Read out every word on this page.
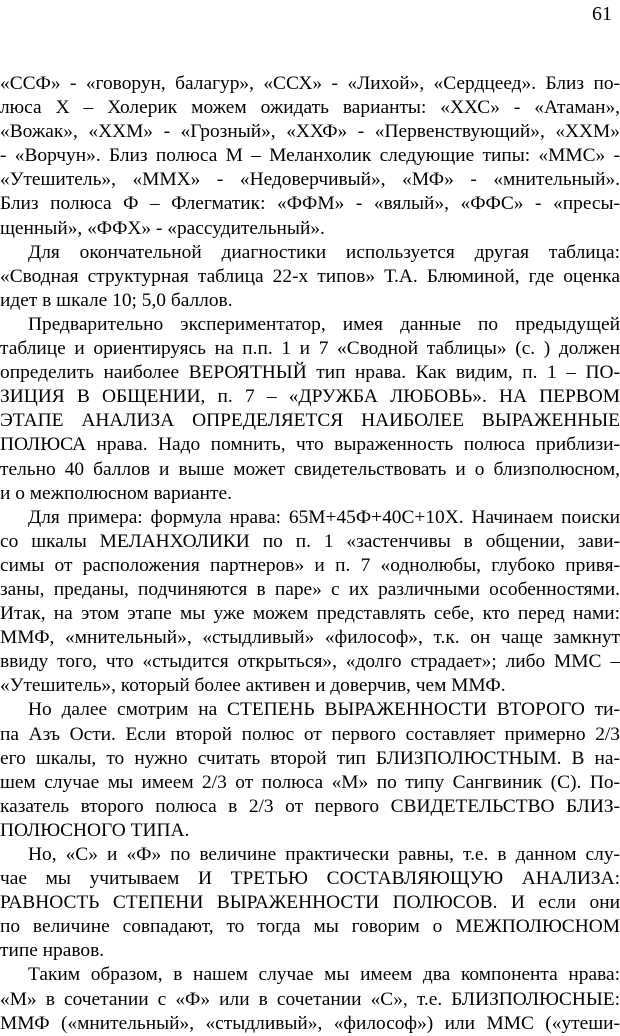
61
«ССФ» - «говорун, балагур», «ССХ» - «Лихой», «Сердцеед». Близ по-
люса Х – Холерик можем ожидать варианты: «ХХС» - «Атаман»,
«Вожак», «ХХМ» - «Грозный», «ХХФ» - «Первенствующий», «ХХМ»
- «Ворчун». Близ полюса М – Меланхолик следующие типы: «ММС» -
«Утешитель», «ММХ» - «Недоверчивый», «МФ» - «мнительный».
Близ полюса Ф – Флегматик: «ФФМ» - «вялый», «ФФС» - «пресы-
щенный», «ФФХ» - «рассудительный».
Для окончательной диагностики используется другая таблица:
«Сводная структурная таблица 22-х типов» Т.А. Блюминой, где оценка
идет в шкале 10; 5,0 баллов.
Предварительно экспериментатор, имея данные по предыдущей
таблице и ориентируясь на п.п. 1 и 7 «Сводной таблицы» (с. ) должен
определить наиболее ВЕРОЯТНЫЙ тип нрава. Как видим, п. 1 – ПО-
ЗИЦИЯ В ОБЩЕНИИ, п. 7 – «ДРУЖБА ЛЮБОВЬ». НА ПЕРВОМ
ЭТАПЕ АНАЛИЗА ОПРЕДЕЛЯЕТСЯ НАИБОЛЕЕ ВЫРАЖЕННЫЕ
ПОЛЮСА нрава. Надо помнить, что выраженность полюса приблизи-
тельно 40 баллов и выше может свидетельствовать и о близполюсном,
и о межполюсном варианте.
Для примера: формула нрава: 65М+45Ф+40С+10Х. Начинаем поиски
со шкалы МЕЛАНХОЛИКИ по п. 1 «застенчивы в общении, зави-
симы от расположения партнеров» и п. 7 «однолюбы, глубоко привя-
заны, преданы, подчиняются в паре» с их различными особенностями.
Итак, на этом этапе мы уже можем представлять себе, кто перед нами:
ММФ, «мнительный», «стыдливый» «философ», т.к. он чаще замкнут
ввиду того, что «стыдится открыться», «долго страдает»; либо ММС –
«Утешитель», который более активен и доверчив, чем ММФ.
Но далее смотрим на СТЕПЕНЬ ВЫРАЖЕННОСТИ ВТОРОГО ти-
па Азъ Ости. Если второй полюс от первого составляет примерно 2/3
его шкалы, то нужно считать второй тип БЛИЗПОЛЮСТНЫМ. В на-
шем случае мы имеем 2/3 от полюса «М» по типу Сангвиник (С). По-
казатель второго полюса в 2/3 от первого СВИДЕТЕЛЬСТВО БЛИЗ-
ПОЛЮСНОГО ТИПА.
Но, «С» и «Ф» по величине практически равны, т.е. в данном слу-
чае мы учитываем И ТРЕТЬЮ СОСТАВЛЯЮЩУЮ АНАЛИЗА:
РАВНОСТЬ СТЕПЕНИ ВЫРАЖЕННОСТИ ПОЛЮСОВ. И если они
по величине совпадают, то тогда мы говорим о МЕЖПОЛЮСНОМ
типе нравов.
Таким образом, в нашем случае мы имеем два компонента нрава:
«М» в сочетании с «Ф» или в сочетании «С», т.е. БЛИЗПОЛЮСНЫЕ:
ММФ («мнительный», «стыдливый», «философ») или ММС («утеши-
